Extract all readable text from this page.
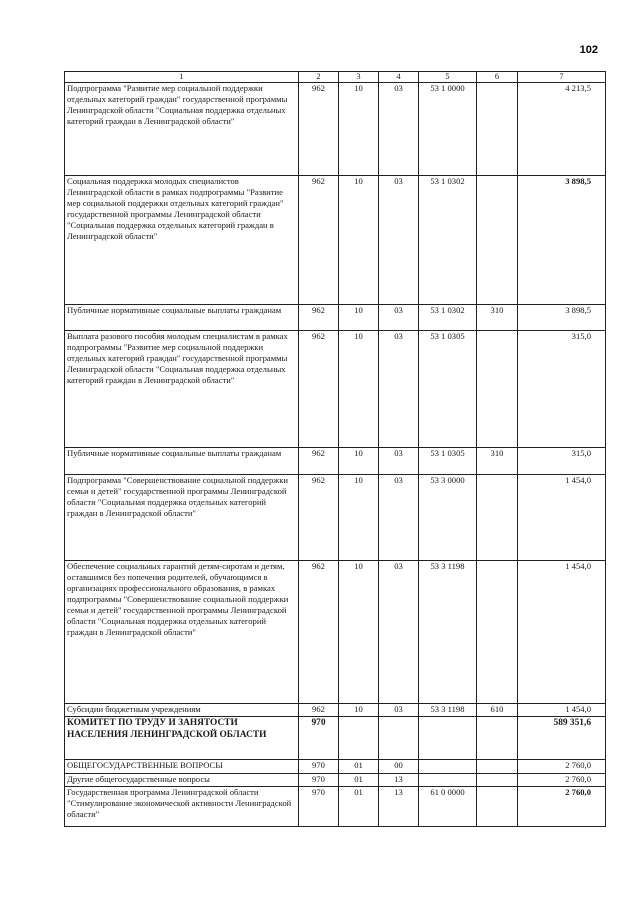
102
1	2	3	4	5	6	7
Подпрограмма "Развитие мер социальной поддержки отдельных категорий граждан" государственной программы Ленинградской области "Социальная поддержка отдельных категорий граждан в Ленинградской области"	962	10	03	53 1 0000		4 213,5
Социальная поддержка молодых специалистов Ленинградской области в рамках подпрограммы "Развитие мер социальной поддержки отдельных категорий граждан" государственной программы Ленинградской области "Социальная поддержка отдельных категорий граждан в Ленинградской области"	962	10	03	53 1 0302		3 898,5
Публичные нормативные социальные выплаты гражданам	962	10	03	53 1 0302	310	3 898,5
Выплата разового пособия молодым специалистам в рамках подпрограммы "Развитие мер социальной поддержки отдельных категорий граждан" государственной программы Ленинградской области "Социальная поддержка отдельных категорий граждан в Ленинградской области"	962	10	03	53 1 0305		315,0
Публичные нормативные социальные выплаты гражданам	962	10	03	53 1 0305	310	315,0
Подпрограмма "Совершенствование социальной поддержки семьи и детей" государственной программы Ленинградской области "Социальная поддержка отдельных категорий граждан в Ленинградской области"	962	10	03	53 3 0000		1 454,0
Обеспечение социальных гарантий детям-сиротам и детям, оставшимся без попечения родителей, обучающимся в организациях профессионального образования, в рамках подпрограммы "Совершенствование социальной поддержки семьи и детей" государственной программы Ленинградской области "Социальная поддержка отдельных категорий граждан в Ленинградской области"	962	10	03	53 3 1198		1 454,0
Субсидии бюджетным учреждениям	962	10	03	53 3 1198	610	1 454,0
КОМИТЕТ ПО ТРУДУ И ЗАНЯТОСТИ НАСЕЛЕНИЯ ЛЕНИНГРАДСКОЙ ОБЛАСТИ	970					589 351,6
ОБЩЕГОСУДАРСТВЕННЫЕ ВОПРОСЫ	970	01	00			2 760,0
Другие общегосударственные вопросы	970	01	13			2 760,0
Государственная программа Ленинградской области "Стимулирование экономической активности Ленинградской области"	970	01	13	61 0 0000		2 760,0
